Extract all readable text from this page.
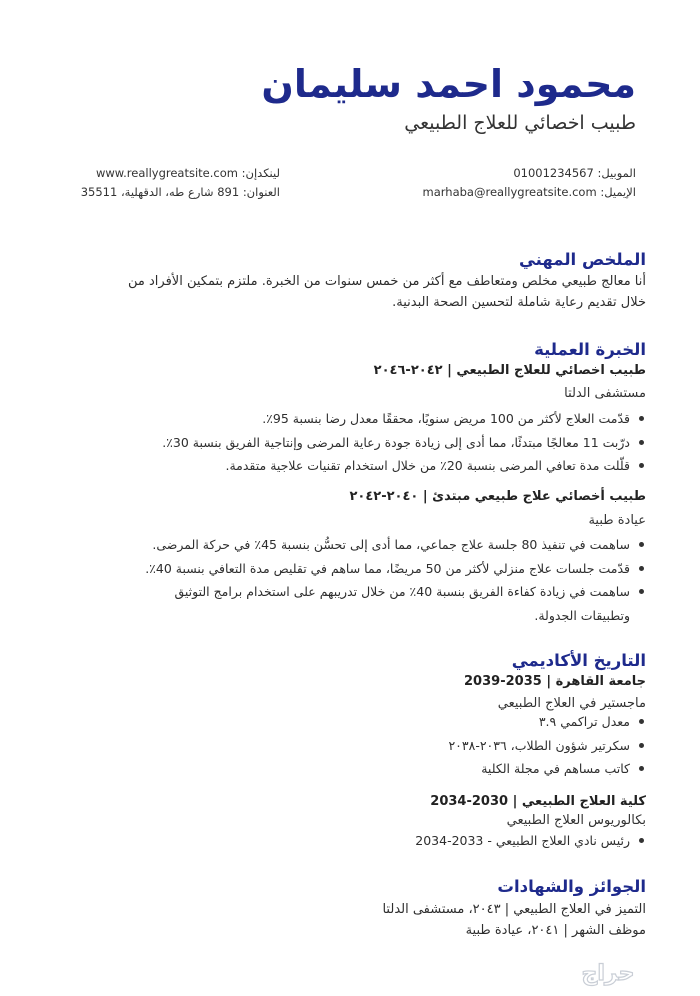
محمود احمد سليمان
طبيب اخصائي للعلاج الطبيعي
الموبيل: 01001234567
الإيميل: marhaba@reallygreatsite.com
لينكدإن: www.reallygreatsite.com
العنوان: 891 شارع طه، الدقهلية، 35511
الملخص المهني
أنا معالج طبيعي مخلص ومتعاطف مع أكثر من خمس سنوات من الخبرة. ملتزم بتمكين الأفراد من
خلال تقديم رعاية شاملة لتحسين الصحة البدنية.
الخبرة العملية
طبيب اخصائي للعلاج الطبيعي | ٢٠٤٢-٢٠٤٦
مستشفى الدلتا
قدّمت العلاج لأكثر من 100 مريض سنويًا، محققًا معدل رضا بنسبة 95٪.
درّبت 11 معالجًا مبتدئًا، مما أدى إلى زيادة جودة رعاية المرضى وإنتاجية الفريق بنسبة 30٪.
قلّلت مدة تعافي المرضى بنسبة 20٪ من خلال استخدام تقنيات علاجية متقدمة.
طبيب أخصائي علاج طبيعي مبتدئ | ٢٠٤٠-٢٠٤٢
عيادة طبية
ساهمت في تنفيذ 80 جلسة علاج جماعي، مما أدى إلى تحسُّن بنسبة 45٪ في حركة المرضى.
قدّمت جلسات علاج منزلي لأكثر من 50 مريضًا، مما ساهم في تقليص مدة التعافي بنسبة 40٪.
ساهمت في زيادة كفاءة الفريق بنسبة 40٪ من خلال تدريبهم على استخدام برامج التوثيق
وتطبيقات الجدولة.
التاريخ الأكاديمي
جامعة القاهرة | 2035-2039
ماجستير في العلاج الطبيعي
معدل تراكمي ٣.٩
سكرتير شؤون الطلاب، ٢٠٣٦-٢٠٣٨
كاتب مساهم في مجلة الكلية
كلية العلاج الطبيعي | 2030-2034
بكالوريوس العلاج الطبيعي
رئيس نادي العلاج الطبيعي - 2033-2034
الجوائز والشهادات
التميز في العلاج الطبيعي | ٢٠٤٣، مستشفى الدلتا
موظف الشهر | ٢٠٤١، عيادة طبية
حراج
